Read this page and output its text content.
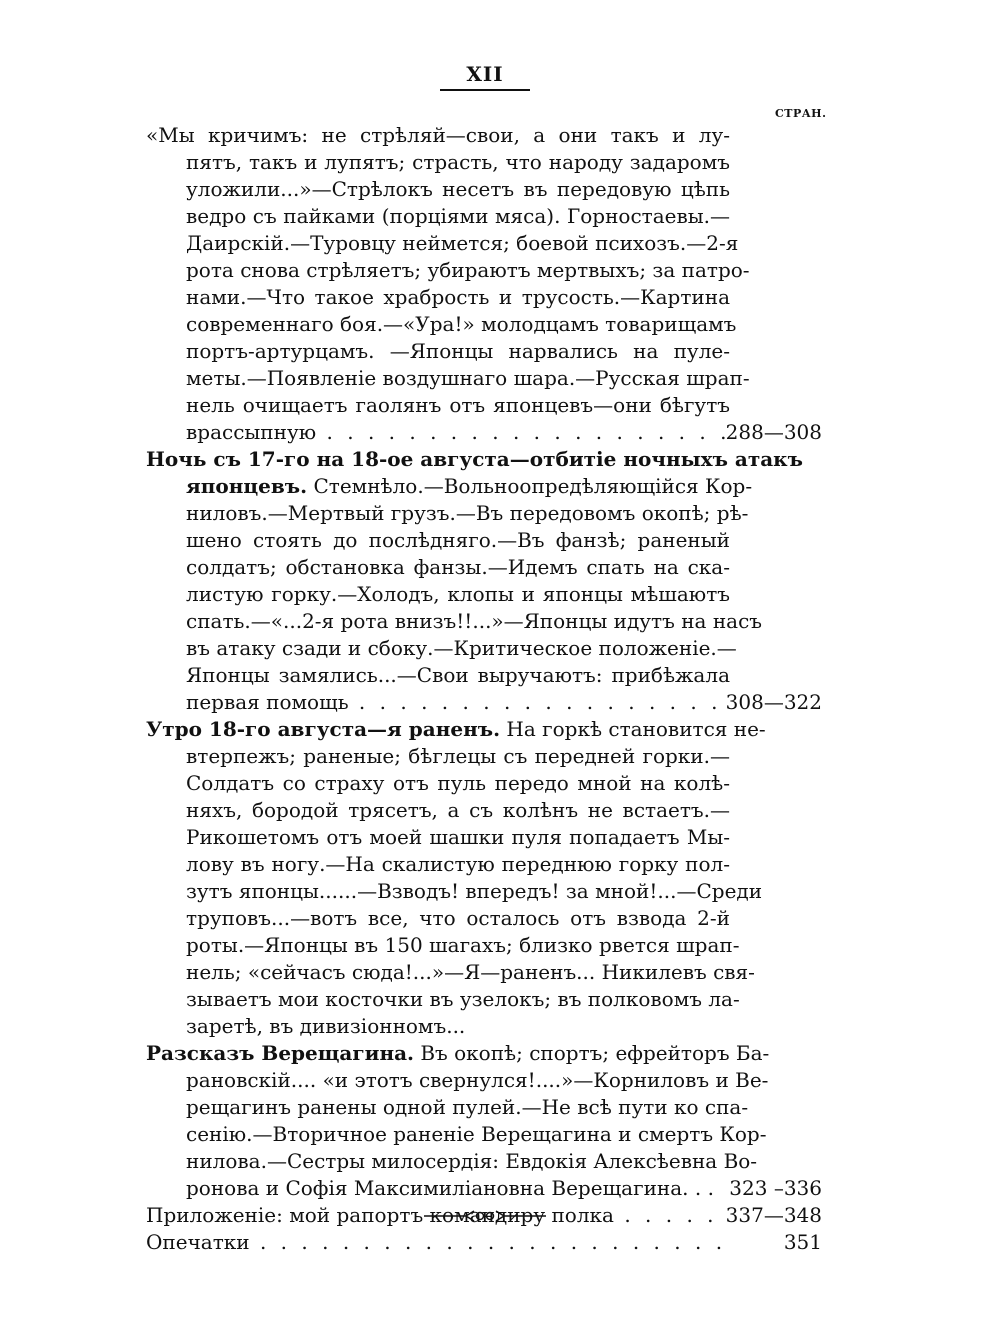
XII
СТРАН.
«Мы кричимъ: не стрѣляй—свои, а они такъ и лу-
пятъ, такъ и лупятъ; страсть, что народу задаромъ
уложили...»—Стрѣлокъ несетъ въ передовую цѣпь
ведро съ пайками (порціями мяса). Горностаевы.—
Даирскій.—Туровцу неймется; боевой психозъ.—2-я
рота снова стрѣляетъ; убираютъ мертвыхъ; за патро-
нами.—Что такое храбрость и трусость.—Картина
современнаго боя.—«Ура!» молодцамъ товарищамъ
портъ-артурцамъ. —Японцы нарвались на пуле-
меты.—Появленіе воздушнаго шара.—Русская шрап-
нель очищаетъ гаолянъ отъ японцевъ—они бѣгутъ
врассыпную . . .	288—308
Ночь съ 17-го на 18-ое августа—отбитіе ночныхъ атакъ
японцевъ. Стемнѣло.—Вольноопредѣляющійся Кор-
ниловъ.—Мертвый грузъ.—Въ передовомъ окопѣ; рѣ-
шено стоять до послѣдняго.—Въ фанзѣ; раненый
солдатъ; обстановка фанзы.—Идемъ спать на ска-
листую горку.—Холодъ, клопы и японцы мѣшаютъ
спать.—«...2-я рота внизъ!!...»—Японцы идутъ на насъ
въ атаку сзади и сбоку.—Критическое положеніе.—
Японцы замялись...—Свои выручаютъ: прибѣжала
первая помощь . . .	308—322
Утро 18-го августа—я раненъ. На горкѣ становится не-
втерпежъ; раненые; бѣглецы съ передней горки.—
Солдатъ со страху отъ пуль передо мной на колѣ-
няхъ, бородой трясетъ, а съ колѣнъ не встаетъ.—
Рикошетомъ отъ моей шашки пуля попадаетъ Мы-
лову въ ногу.—На скалистую переднюю горку пол-
зутъ японцы......—Взводъ! впередъ! за мной!...—Среди
труповъ...—вотъ все, что осталось отъ взвода 2-й
роты.—Японцы въ 150 шагахъ; близко рвется шрап-
нель; «сейчасъ сюда!...»—Я—раненъ... Никилевъ свя-
зываетъ мои косточки въ узелокъ; въ полковомъ ла-
заретѣ, въ дивизіонномъ...
Разсказъ Верещагина. Въ окопѣ; спортъ; ефрейторъ Ба-
рановскій.... «и этотъ свернулся!....»—Корниловъ и Ве-
рещагинъ ранены одной пулей.—Не всѣ пути ко спа-
сенію.—Вторичное раненіе Верещагина и смертъ Кор-
нилова.—Сестры милосердія: Евдокія Алексѣевна Во-
ронова и Софія Максимиліановна Верещагина. . . 323 –336
Приложеніе: мой рапортъ командиру полка . . .	337—348
Опечатки . . .	351
